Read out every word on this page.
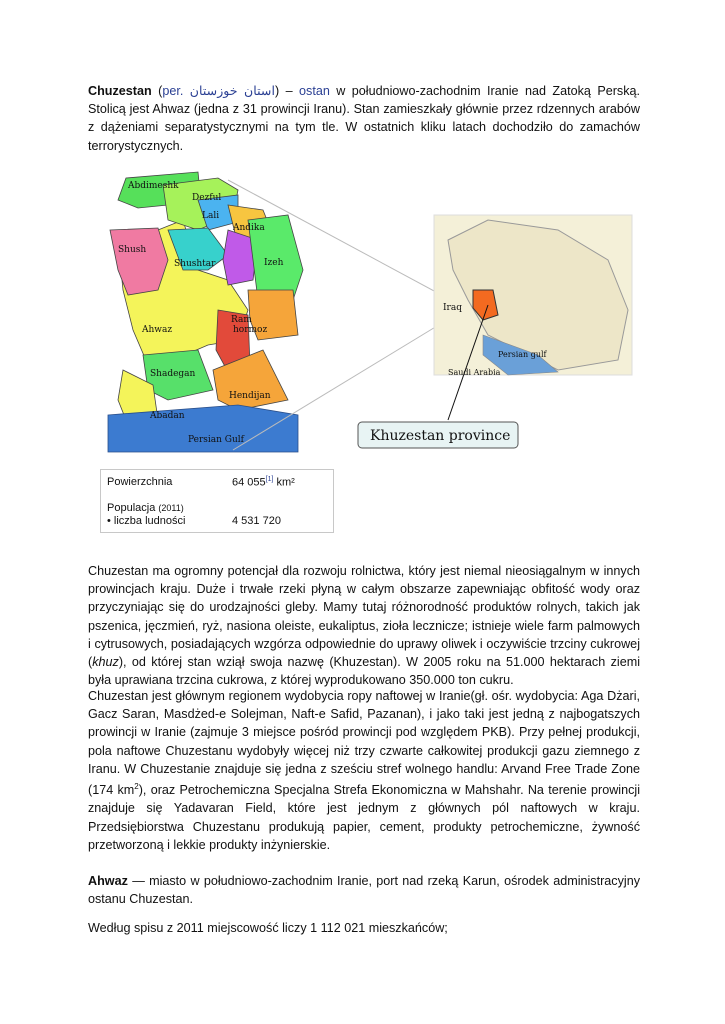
Chuzestan (per. استان خوزستان) – ostan w południowo-zachodnim Iranie nad Zatoką Perską. Stolicą jest Ahwaz (jedna z 31 prowincji Iranu). Stan zamieszkały głównie przez rdzennych arabów z dążeniami separatystycznymi na tym tle. W ostatnich kliku latach dochodziło do zamachów terrorystycznych.

Abdimeshk
Dezful
Lali
Andika
Shush
Shushtar	Izeh
Ram
hormoz
Ahwaz
Shadegan
Hendijan
Abadan
Persian Gulf
Iraq
Persian gulf
Saudi Arabia
Khuzestan province
Powierzchnia	64 055[1] km²
Populacja (2011)
• liczba ludności	4 531 720

Chuzestan ma ogromny potencjał dla rozwoju rolnictwa, który jest niemal nieosiągalnym w innych prowincjach kraju. Duże i trwałe rzeki płyną w całym obszarze zapewniając obfitość wody oraz przyczyniając się do urodzajności gleby. Mamy tutaj różnorodność produktów rolnych, takich jak pszenica, jęczmień, ryż, nasiona oleiste, eukaliptus, zioła lecznicze; istnieje wiele farm palmowych i cytrusowych, posiadających wzgórza odpowiednie do uprawy oliwek i oczywiście trzciny cukrowej (khuz), od której stan wziął swoja nazwę (Khuzestan). W 2005 roku na 51.000 hektarach ziemi była uprawiana trzcina cukrowa, z której wyprodukowano 350.000 ton cukru.

Chuzestan jest głównym regionem wydobycia ropy naftowej w Iranie(gł. ośr. wydobycia: Aga Dżari, Gacz Saran, Masdżed-e Solejman, Naft-e Safid, Pazanan), i jako taki jest jedną z najbogatszych prowincji w Iranie (zajmuje 3 miejsce pośród prowincji pod względem PKB). Przy pełnej produkcji, pola naftowe Chuzestanu wydobyły więcej niż trzy czwarte całkowitej produkcji gazu ziemnego z Iranu. W Chuzestanie znajduje się jedna z sześciu stref wolnego handlu: Arvand Free Trade Zone (174 $km^2$), oraz Petrochemiczna Specjalna Strefa Ekonomiczna w Mahshahr. Na terenie prowincji znajduje się Yadavaran Field, które jest jednym z głównych pól naftowych w kraju. Przedsiębiorstwa Chuzestanu produkują papier, cement, produkty petrochemiczne, żywność przetworzoną i lekkie produkty inżynierskie.

Ahwaz — miasto w południowo-zachodnim Iranie, port nad rzeką Karun, ośrodek administracyjny ostanu Chuzestan.

Według spisu z 2011 miejscowość liczy 1 112 021 mieszkańców;
